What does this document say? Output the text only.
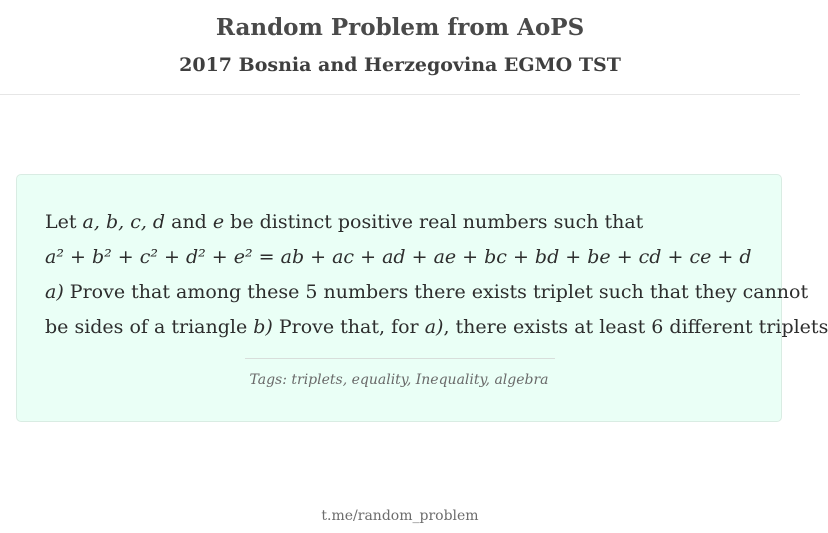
Random Problem from AoPS
2017 Bosnia and Herzegovina EGMO TST
Let a, b, c, d and e be distinct positive real numbers such that
a² + b² + c² + d² + e² = ab + ac + ad + ae + bc + bd + be + cd + ce + d
a) Prove that among these 5 numbers there exists triplet such that they cannot
be sides of a triangle b) Prove that, for a), there exists at least 6 different triplets
Tags: triplets, equality, Inequality, algebra
t.me/random_problem
